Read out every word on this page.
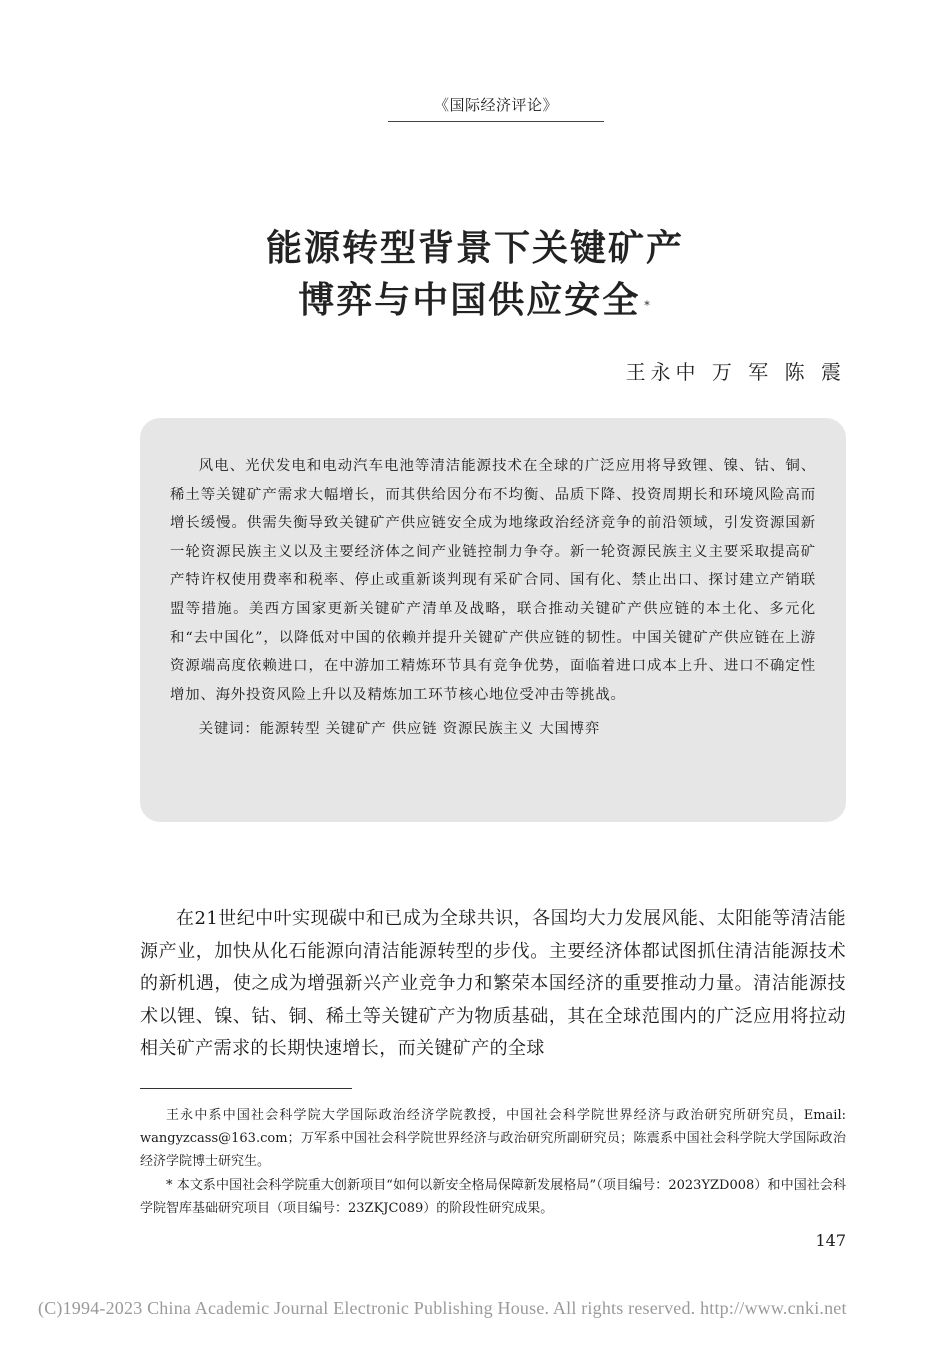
《国际经济评论》
能源转型背景下关键矿产
博弈与中国供应安全 *
王永中 万 军 陈 震

风电、光伏发电和电动汽车电池等清洁能源技术在全球的广泛应用将导致锂、镍、钴、铜、稀土等关键矿产需求大幅增长，而其供给因分布不均衡、品质下降、投资周期长和环境风险高而增长缓慢。供需失衡导致关键矿产供应链安全成为地缘政治经济竞争的前沿领域，引发资源国新一轮资源民族主义以及主要经济体之间产业链控制力争夺。新一轮资源民族主义主要采取提高矿产特许权使用费率和税率、停止或重新谈判现有采矿合同、国有化、禁止出口、探讨建立产销联盟等措施。美西方国家更新关键矿产清单及战略，联合推动关键矿产供应链的本土化、多元化和“去中国化”，以降低对中国的依赖并提升关键矿产供应链的韧性。中国关键矿产供应链在上游资源端高度依赖进口，在中游加工精炼环节具有竞争优势，面临着进口成本上升、进口不确定性增加、海外投资风险上升以及精炼加工环节核心地位受冲击等挑战。

关键词：能源转型 关键矿产 供应链 资源民族主义 大国博弈

在21世纪中叶实现碳中和已成为全球共识，各国均大力发展风能、太阳能等清洁能源产业，加快从化石能源向清洁能源转型的步伐。主要经济体都试图抓住清洁能源技术的新机遇，使之成为增强新兴产业竞争力和繁荣本国经济的重要推动力量。清洁能源技术以锂、镍、钴、铜、稀土等关键矿产为物质基础，其在全球范围内的广泛应用将拉动相关矿产需求的长期快速增长，而关键矿产的全球

王永中系中国社会科学院大学国际政治经济学院教授，中国社会科学院世界经济与政治研究所研究员，Email: wangyzcass@163.com；万军系中国社会科学院世界经济与政治研究所副研究员；陈震系中国社会科学院大学国际政治经济学院博士研究生。

* 本文系中国社会科学院重大创新项目“如何以新安全格局保障新发展格局”（项目编号：2023YZD008）和中国社会科学院智库基础研究项目（项目编号：23ZKJC089）的阶段性研究成果。

147
(C)1994-2023 China Academic Journal Electronic Publishing House. All rights reserved. http://www.cnki.net
